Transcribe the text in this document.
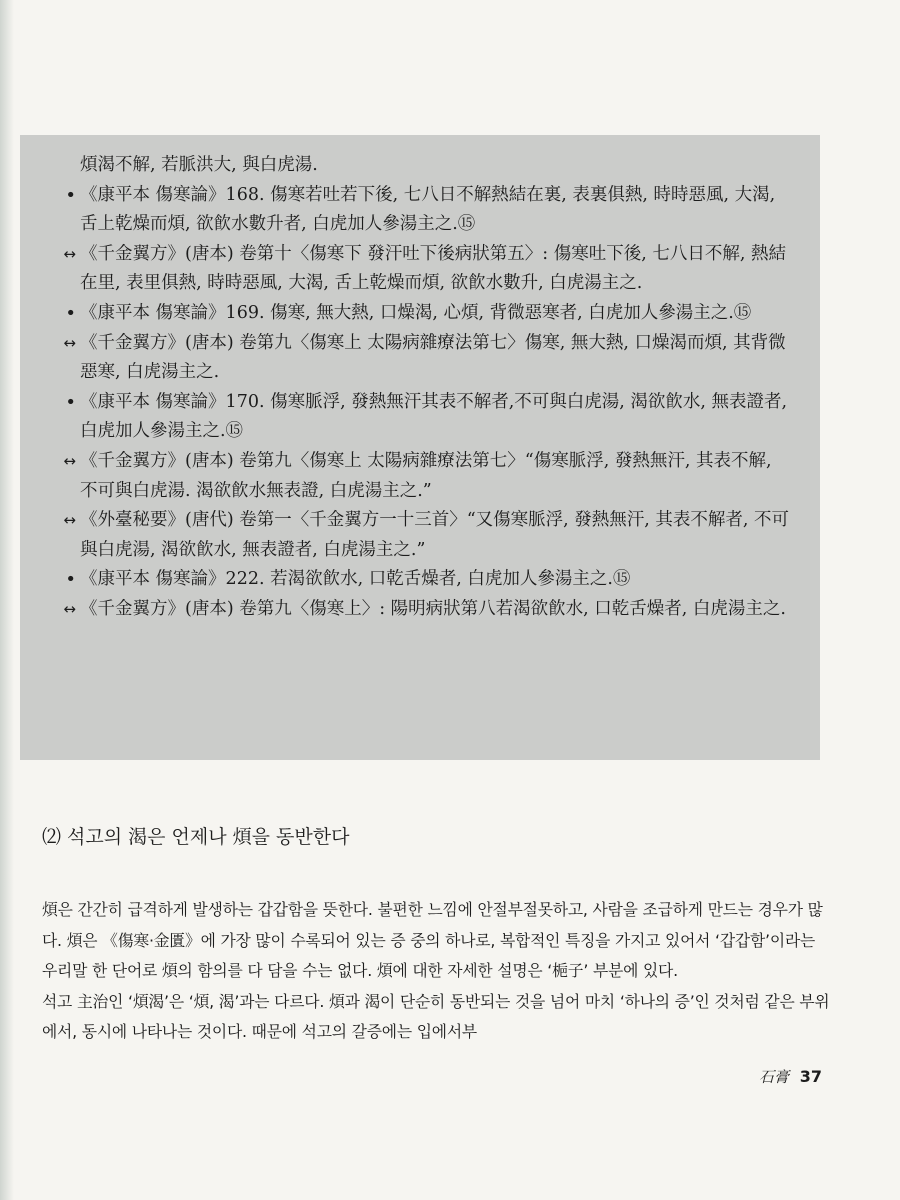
煩渴不解, 若脈洪大, 與白虎湯.

• 《康平本 傷寒論》168. 傷寒若吐若下後, 七八日不解熱結在裏, 表裏俱熱, 時時惡風, 大渴, 舌上乾燥而煩, 欲飮水數升者, 白虎加人參湯主之.⑮

↔ 《千金翼方》(唐本) 卷第十〈傷寒下 發汗吐下後病狀第五〉: 傷寒吐下後, 七八日不解, 熱結在里, 表里俱熱, 時時惡風, 大渴, 舌上乾燥而煩, 欲飮水數升, 白虎湯主之.

• 《康平本 傷寒論》169. 傷寒, 無大熱, 口燥渴, 心煩, 背微惡寒者, 白虎加人參湯主之.⑮

↔ 《千金翼方》(唐本) 卷第九〈傷寒上 太陽病雜療法第七〉傷寒, 無大熱, 口燥渴而煩, 其背微惡寒, 白虎湯主之.

• 《康平本 傷寒論》170. 傷寒脈浮, 發熱無汗其表不解者,不可與白虎湯, 渴欲飮水, 無表證者, 白虎加人參湯主之.⑮

↔ 《千金翼方》(唐本) 卷第九〈傷寒上 太陽病雜療法第七〉“傷寒脈浮, 發熱無汗, 其表不解, 不可與白虎湯. 渴欲飮水無表證, 白虎湯主之.”

↔ 《外臺秘要》(唐代) 卷第一〈千金翼方一十三首〉“又傷寒脈浮, 發熱無汗, 其表不解者, 不可與白虎湯, 渴欲飮水, 無表證者, 白虎湯主之.”

• 《康平本 傷寒論》222. 若渴欲飮水, 口乾舌燥者, 白虎加人參湯主之.⑮

↔ 《千金翼方》(唐本) 卷第九〈傷寒上〉: 陽明病狀第八若渴欲飮水, 口乾舌燥者, 白虎湯主之.

⑵ 석고의 渴은 언제나 煩을 동반한다

煩은 간간히 급격하게 발생하는 갑갑함을 뜻한다. 불편한 느낌에 안절부절못하고, 사람을 조급하게 만드는 경우가 많다. 煩은 《傷寒·金匱》에 가장 많이 수록되어 있는 증 중의 하나로, 복합적인 특징을 가지고 있어서 ‘갑갑함’이라는 우리말 한 단어로 煩의 함의를 다 담을 수는 없다. 煩에 대한 자세한 설명은 ‘梔子’ 부분에 있다.

석고 主治인 ‘煩渴’은 ‘煩, 渴’과는 다르다. 煩과 渴이 단순히 동반되는 것을 넘어 마치 ‘하나의 증’인 것처럼 같은 부위에서, 동시에 나타나는 것이다. 때문에 석고의 갈증에는 입에서부

石膏 37
